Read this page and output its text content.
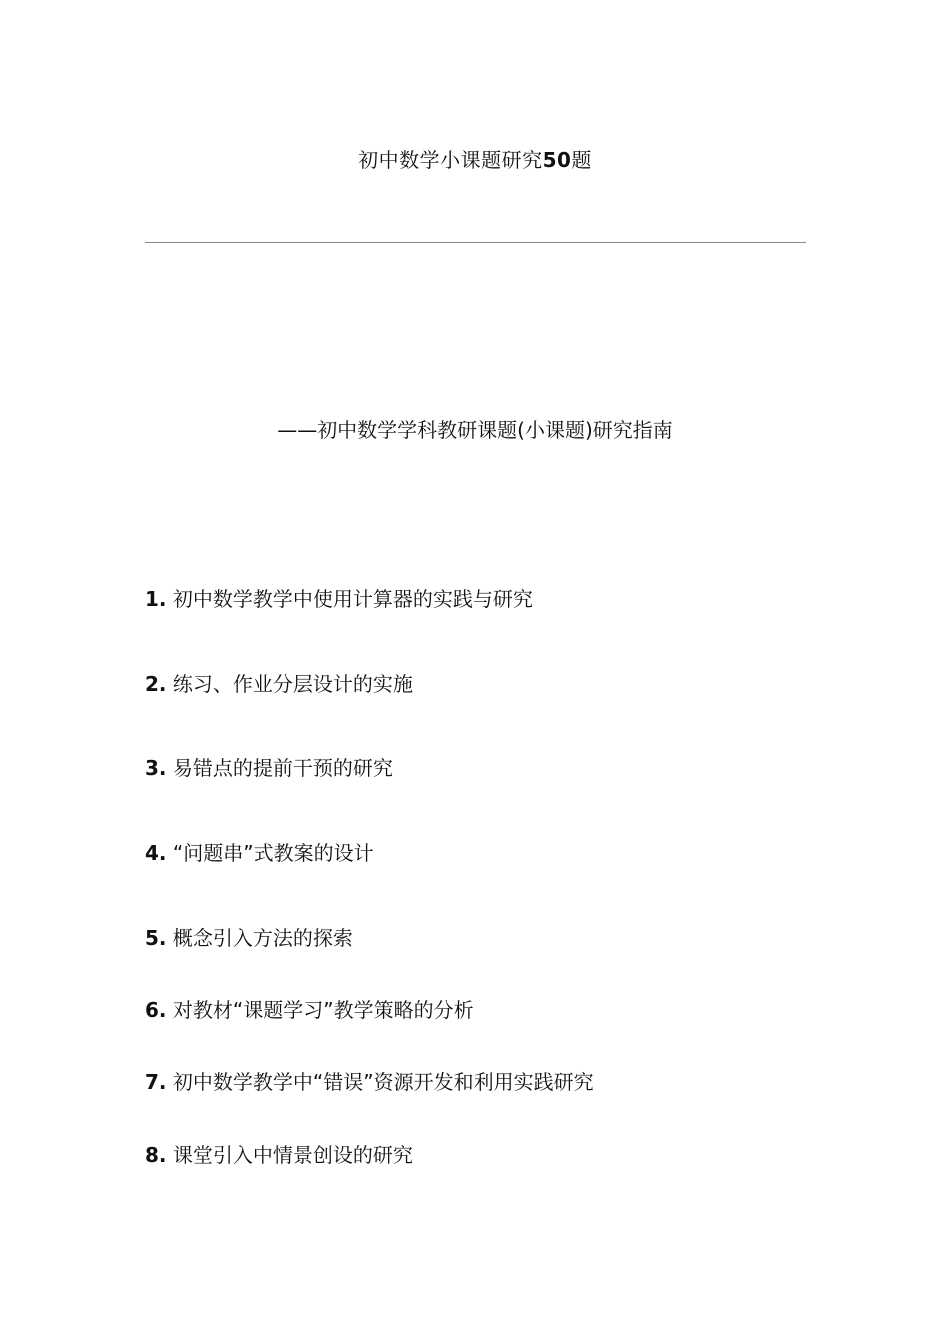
初中数学小课题研究50题
——初中数学学科教研课题(小课题)研究指南
1. 初中数学教学中使用计算器的实践与研究
2. 练习、作业分层设计的实施
3. 易错点的提前干预的研究
4. “问题串”式教案的设计
5. 概念引入方法的探索
6. 对教材“课题学习”教学策略的分析
7. 初中数学教学中“错误”资源开发和利用实践研究
8. 课堂引入中情景创设的研究
